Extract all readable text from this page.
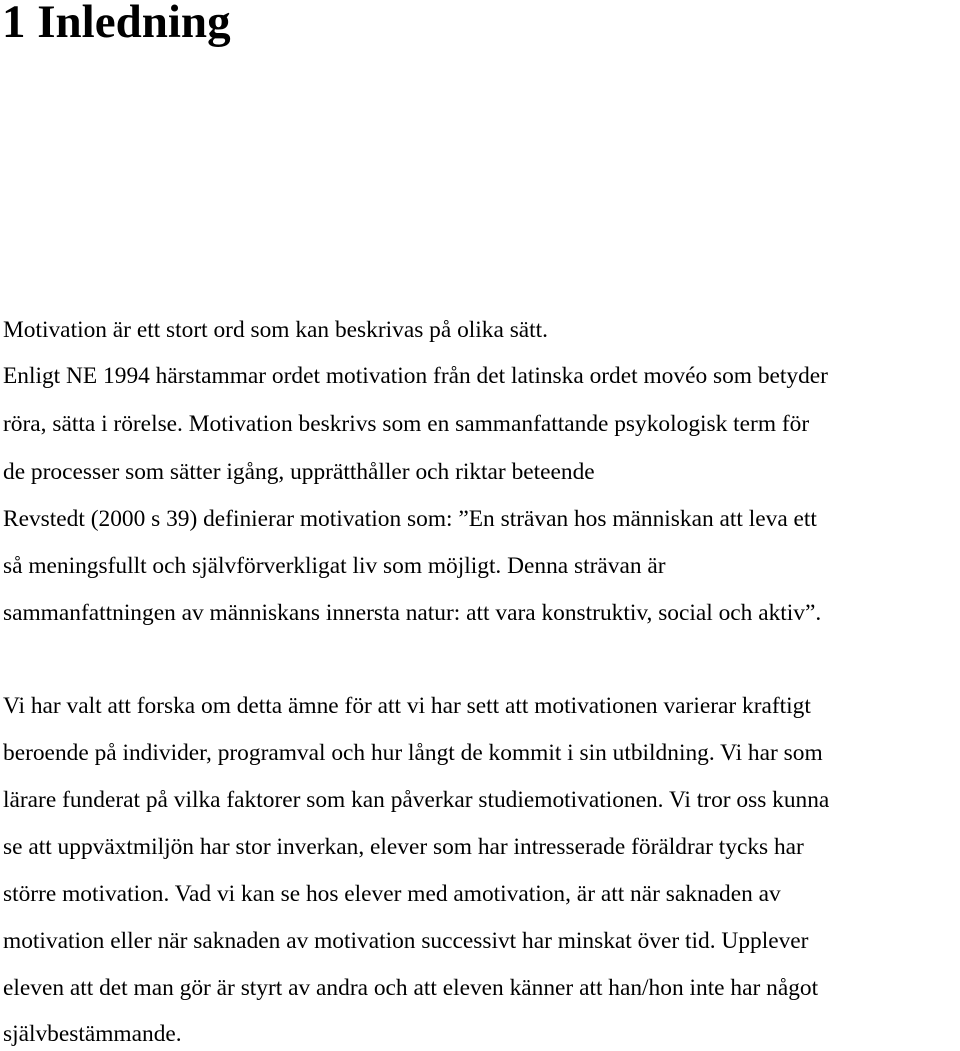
1 Inledning

Motivation är ett stort ord som kan beskrivas på olika sätt.

Enligt NE 1994 härstammar ordet motivation från det latinska ordet movéo som betyder

röra, sätta i rörelse. Motivation beskrivs som en sammanfattande psykologisk term för

de processer som sätter igång, upprätthåller och riktar beteende

Revstedt (2000 s 39) definierar motivation som: ”En strävan hos människan att leva ett

så meningsfullt och självförverkligat liv som möjligt. Denna strävan är

sammanfattningen av människans innersta natur: att vara konstruktiv, social och aktiv”.

Vi har valt att forska om detta ämne för att vi har sett att motivationen varierar kraftigt

beroende på individer, programval och hur långt de kommit i sin utbildning. Vi har som

lärare funderat på vilka faktorer som kan påverkar studiemotivationen. Vi tror oss kunna

se att uppväxtmiljön har stor inverkan, elever som har intresserade föräldrar tycks har

större motivation. Vad vi kan se hos elever med amotivation, är att när saknaden av

motivation eller när saknaden av motivation successivt har minskat över tid. Upplever

eleven att det man gör är styrt av andra och att eleven känner att han/hon inte har något

självbestämmande.
